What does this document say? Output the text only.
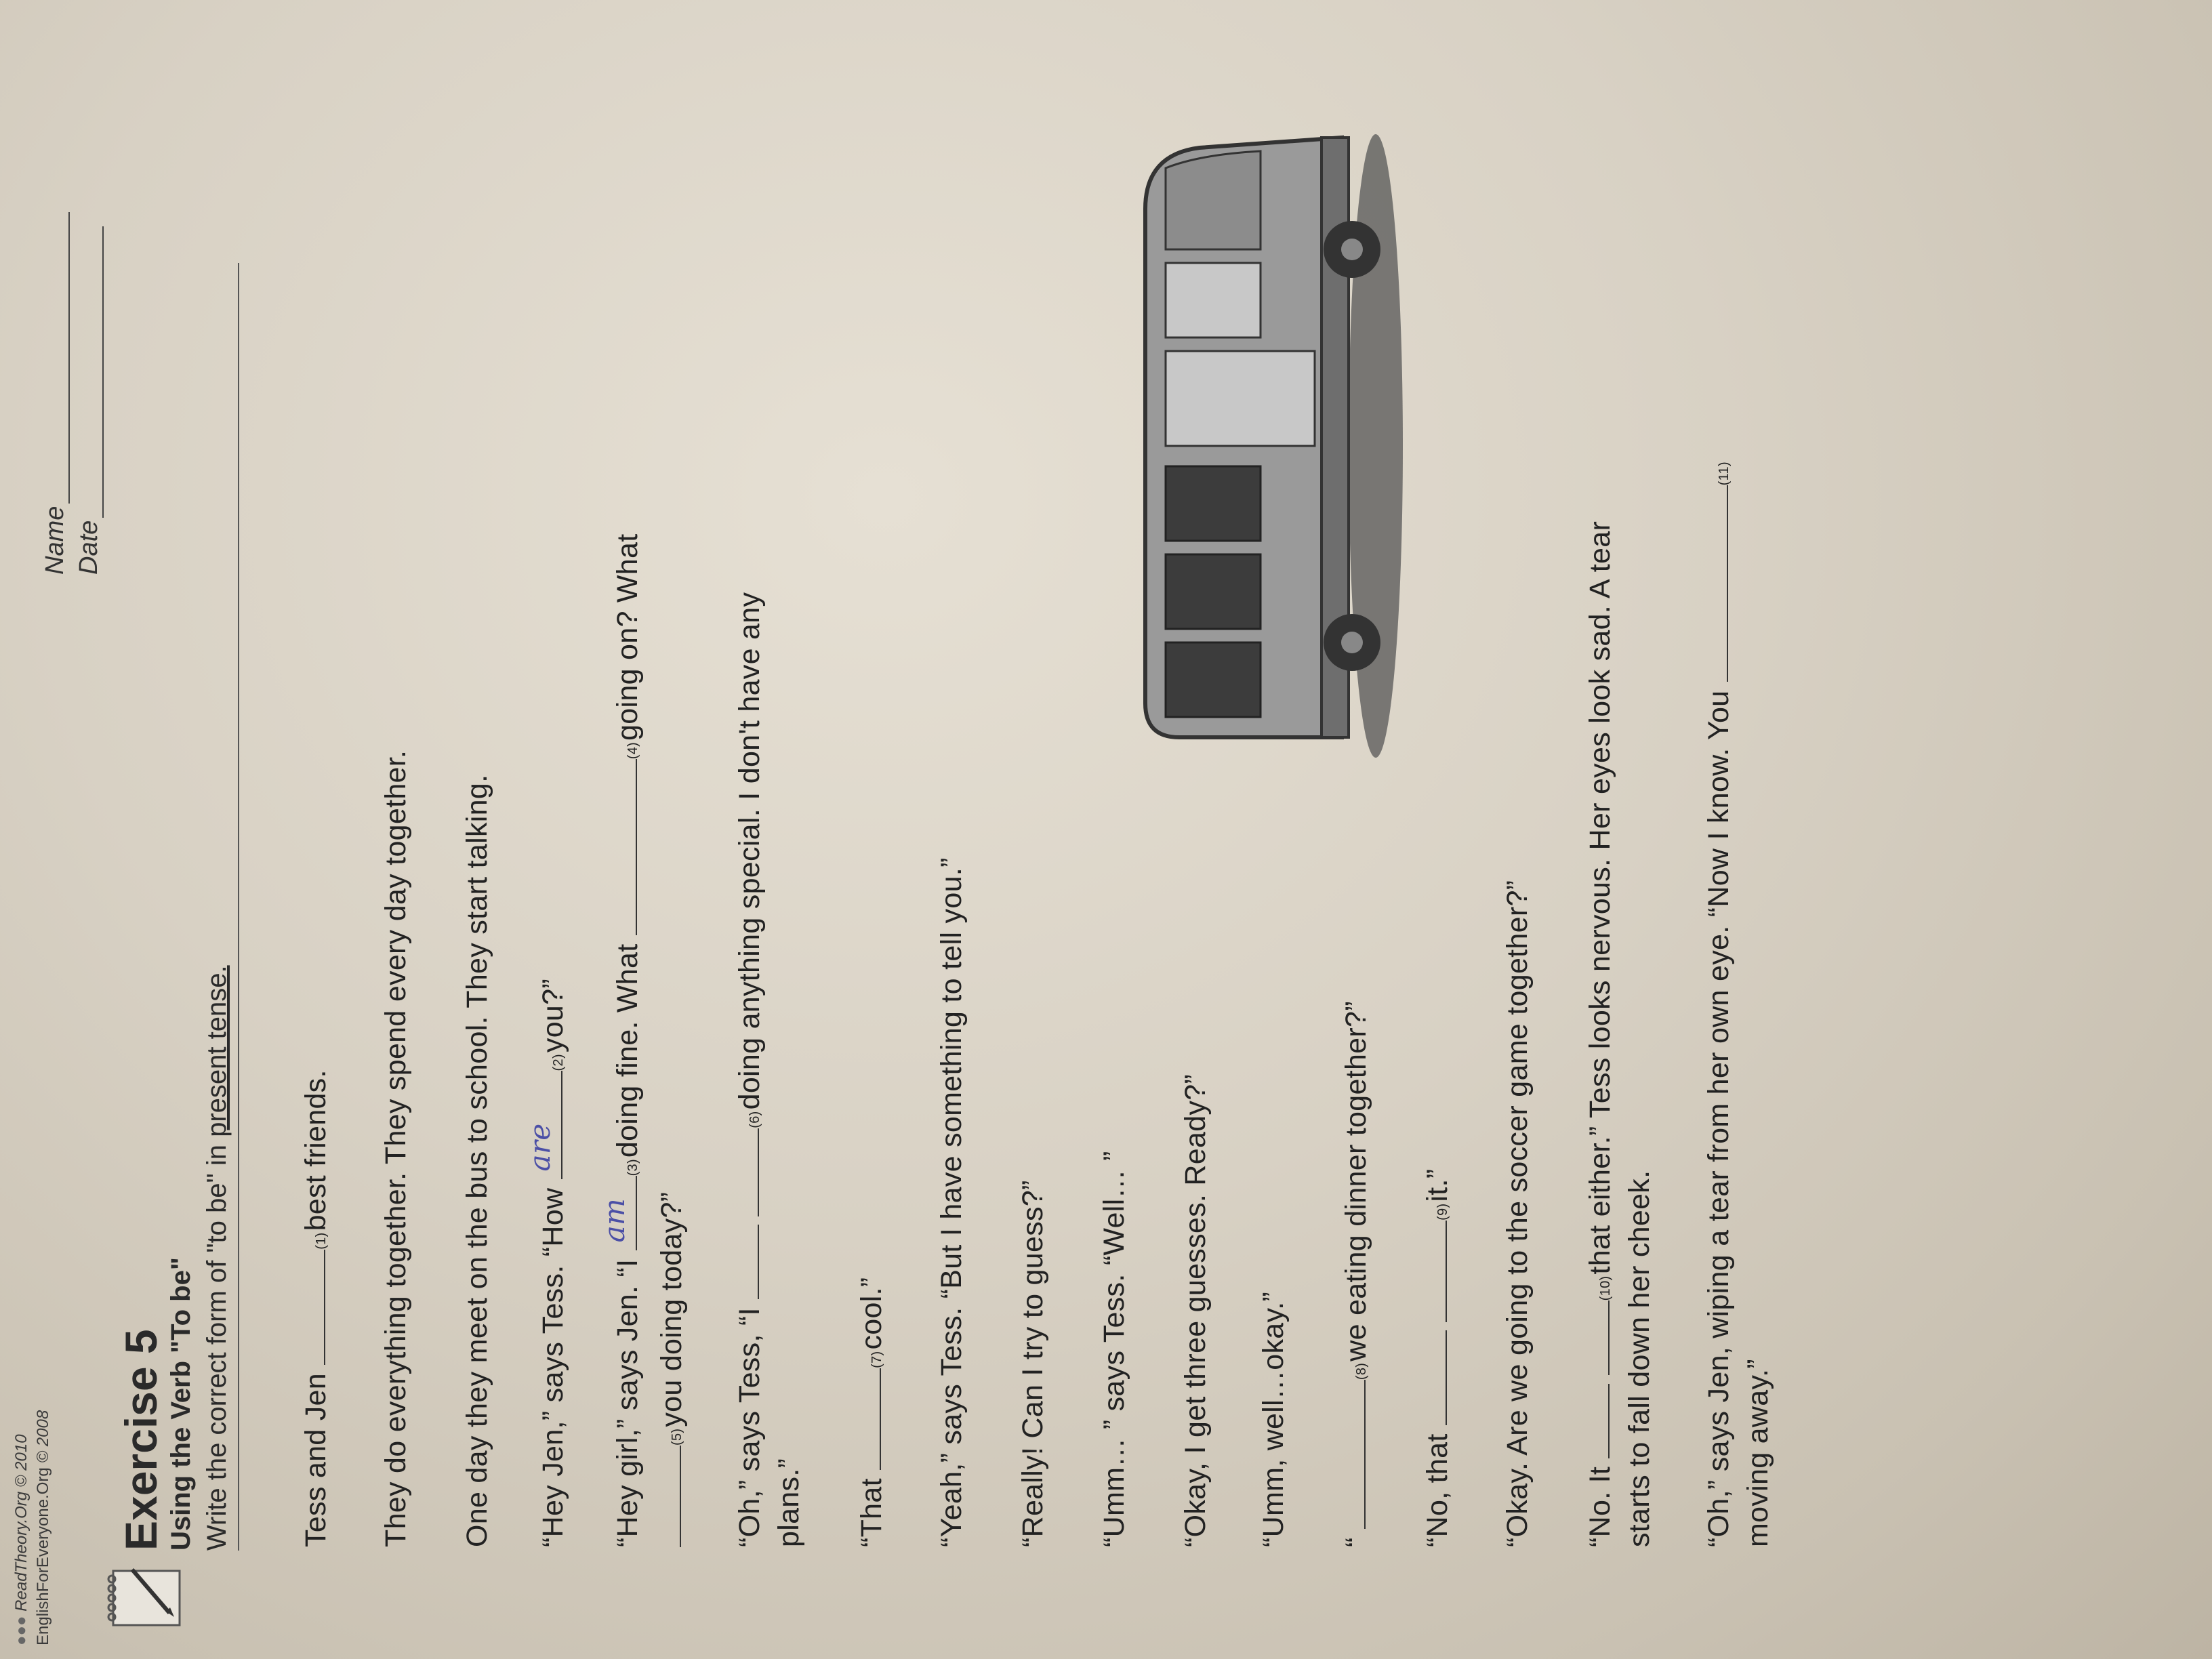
●●● ReadTheory.Org © 2010
EnglishForEveryone.Org © 2008
Name Date
Exercise 5 Using the Verb "To be" Write the correct form of "to be" in present tense.
Tess and Jen (1)best friends. They do everything together. They spend every day together. One day they meet on the bus to school. They start talking. “Hey Jen,” says Tess. “How
are
(2)you?”
“Hey girl,” says Jen. “I
am
(3)doing fine. What (4)going on? What
(5)you doing today?” “Oh,” says Tess, “I  (6)doing anything special. I don't have any
plans.” “That (7)cool.” “Yeah,” says Tess. “But I have something to tell you.” “Really! Can I try to guess?” “Umm… ” says Tess. “Well… ” “Okay, I get three guesses. Ready?” “Umm, well…okay.” “ (8)we eating dinner together?”
“No, that  (9)it.” “Okay. Are we going to the soccer game together?” “No. It  (10)that either.” Tess looks nervous. Her eyes look sad. A tear
starts to fall down her cheek. “Oh,” says Jen, wiping a tear from her own eye. “Now I know. You (11)
moving away.”
